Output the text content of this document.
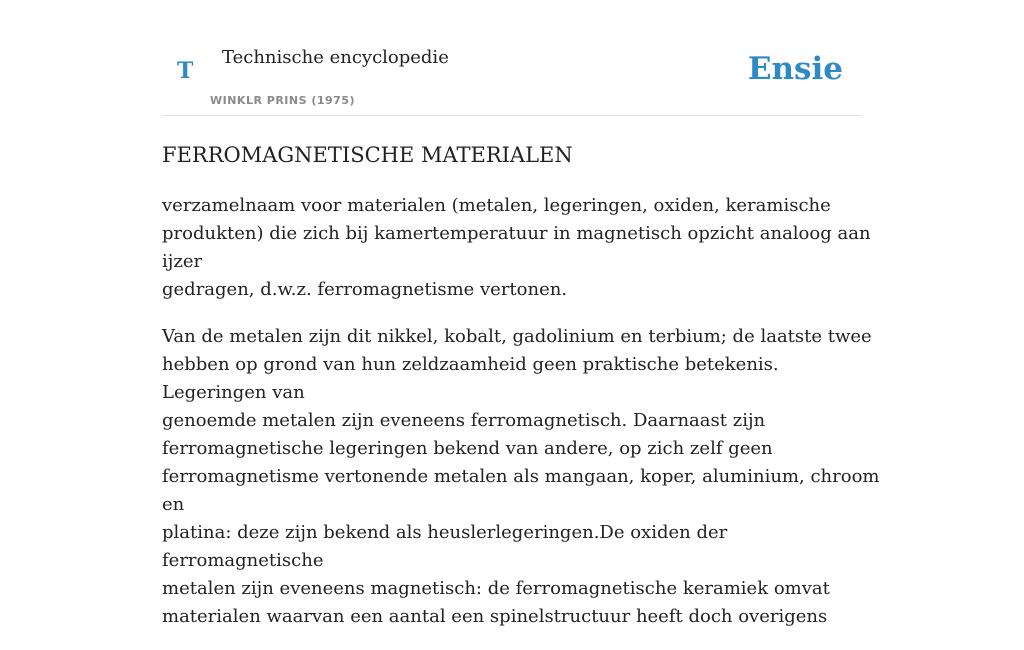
T
Technische encyclopedie
WINKLR PRINS (1975)
Ensie
FERROMAGNETISCHE MATERIALEN

verzamelnaam voor materialen (metalen, legeringen, oxiden, keramische
produkten) die zich bij kamertemperatuur in magnetisch opzicht analoog aan ijzer
gedragen, d.w.z. ferromagnetisme vertonen.

Van de metalen zijn dit nikkel, kobalt, gadolinium en terbium; de laatste twee
hebben op grond van hun zeldzaamheid geen praktische betekenis. Legeringen van
genoemde metalen zijn eveneens ferromagnetisch. Daarnaast zijn
ferromagnetische legeringen bekend van andere, op zich zelf geen
ferromagnetisme vertonende metalen als mangaan, koper, aluminium, chroom en
platina: deze zijn bekend als heuslerlegeringen.De oxiden der ferromagnetische
metalen zijn eveneens magnetisch: de ferromagnetische keramiek omvat
materialen waarvan een aantal een spinelstructuur heeft doch overigens
